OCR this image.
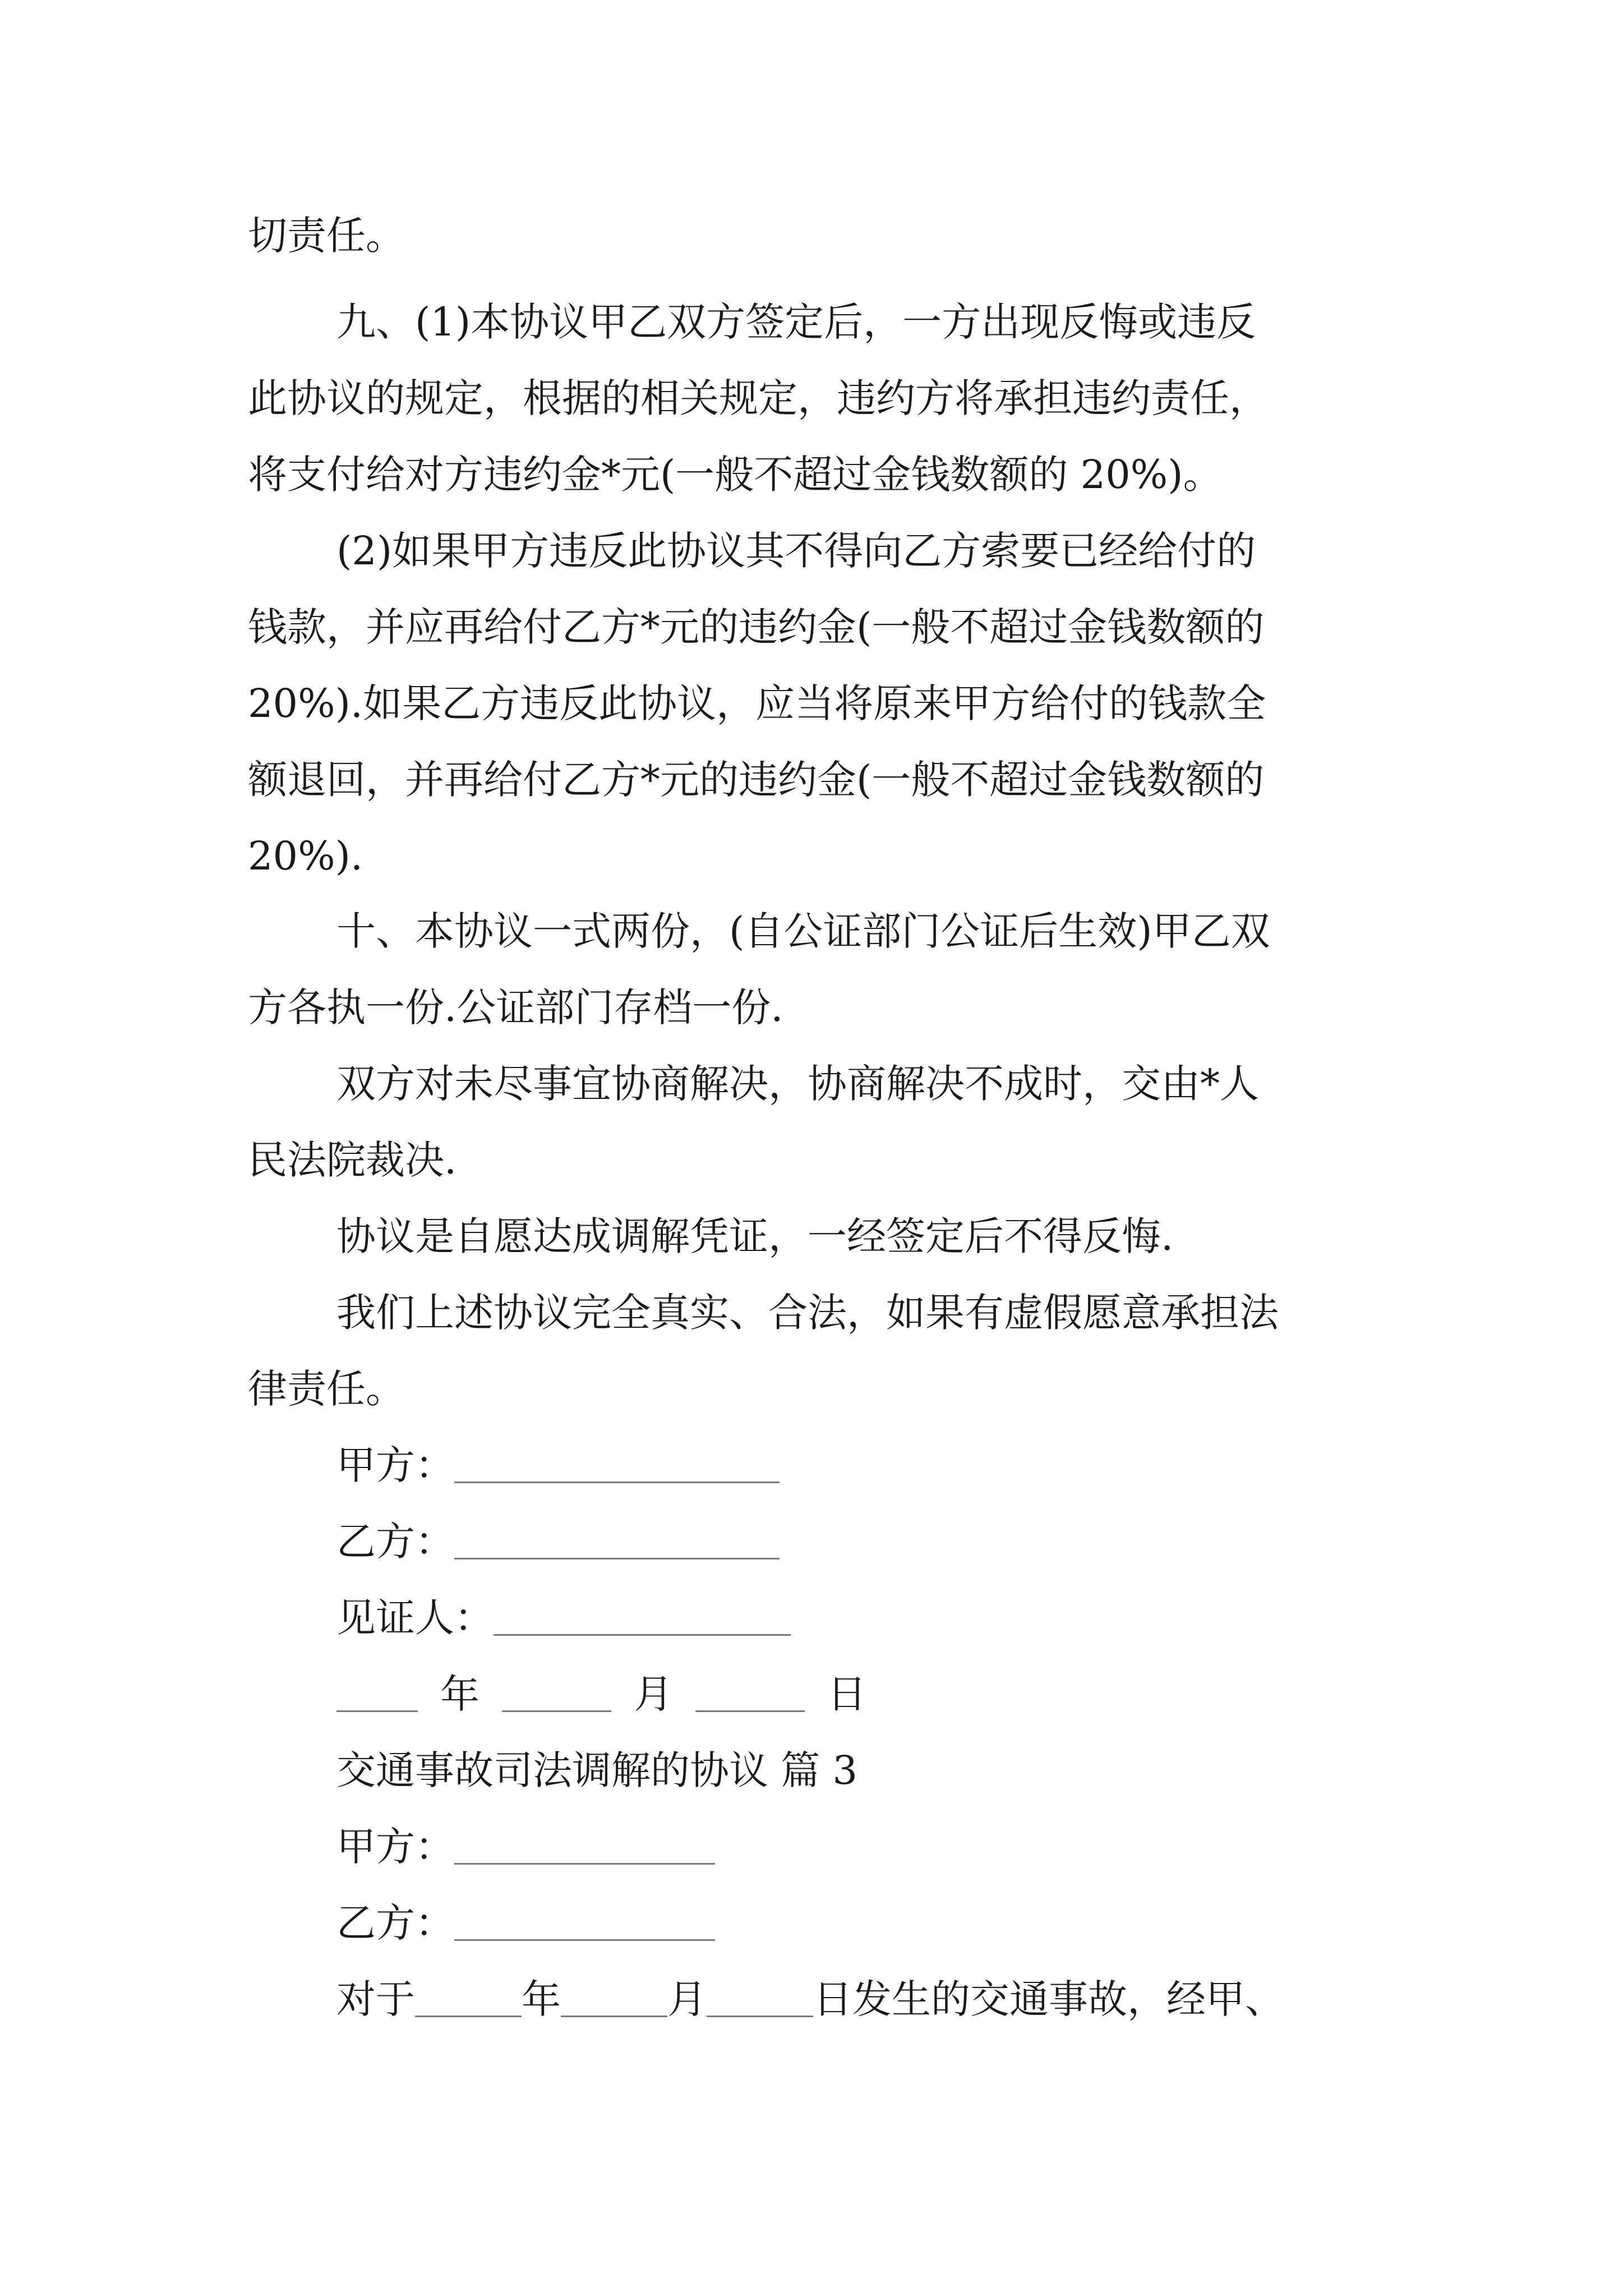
切责任。
九、(1)本协议甲乙双方签定后，一方出现反悔或违反
此协议的规定，根据的相关规定，违约方将承担违约责任，
将支付给对方违约金*元(一般不超过金钱数额的 20%)。
(2)如果甲方违反此协议其不得向乙方索要已经给付的
钱款，并应再给付乙方*元的违约金(一般不超过金钱数额的
20%).如果乙方违反此协议，应当将原来甲方给付的钱款全
额退回，并再给付乙方*元的违约金(一般不超过金钱数额的
20%).
十、本协议一式两份，(自公证部门公证后生效)甲乙双
方各执一份.公证部门存档一份.
双方对未尽事宜协商解决，协商解决不成时，交由*人
民法院裁决.
协议是自愿达成调解凭证，一经签定后不得反悔.
我们上述协议完全真实、合法，如果有虚假愿意承担法
律责任。
甲方：
乙方：
见证人：
年	月	日
交通事故司法调解的协议 篇 3
甲方：
乙方：
对于	年	月	日发生的交通事故，经甲、
